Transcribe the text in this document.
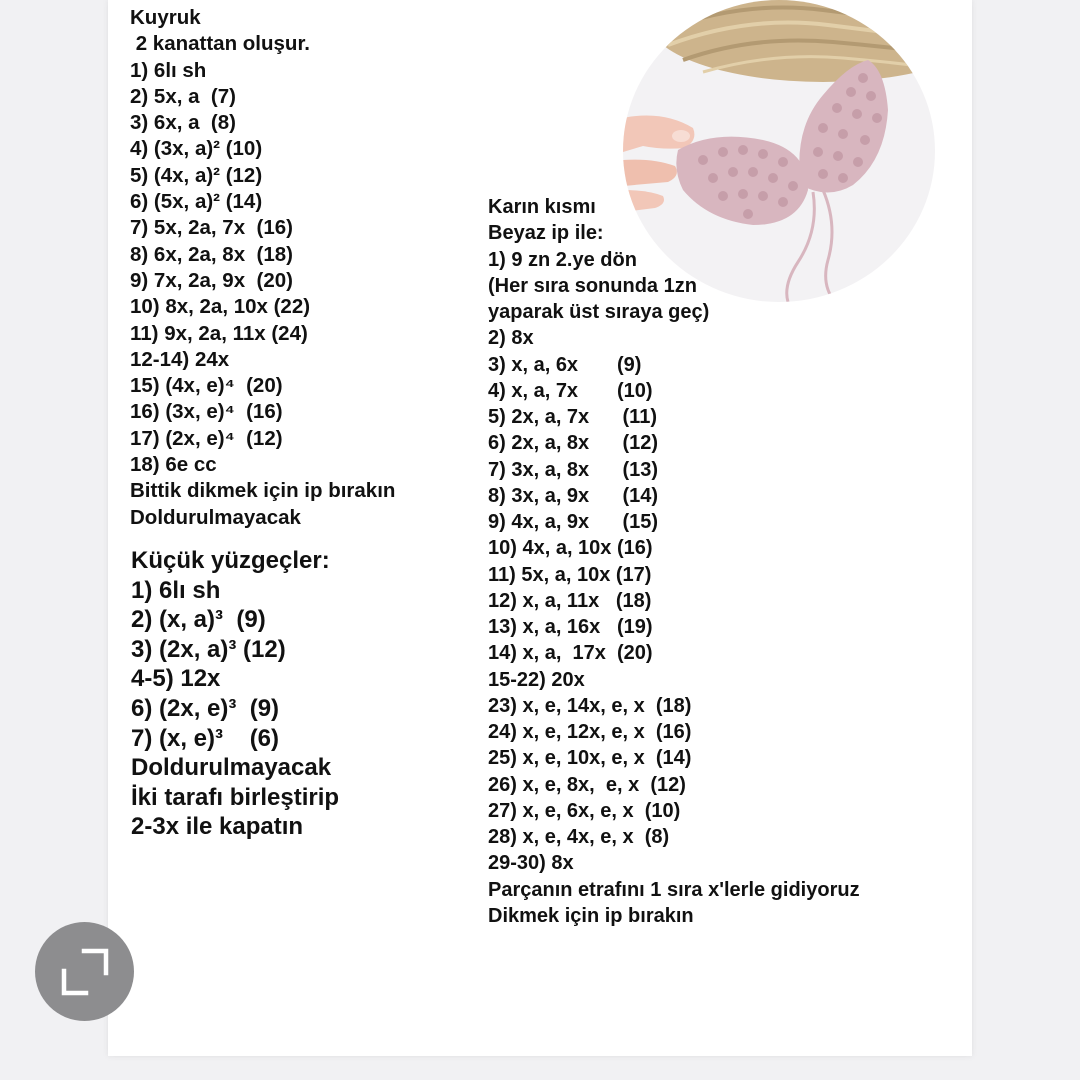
Kuyruk
2 kanattan oluşur.
1) 6lı sh
2) 5x, a  (7)
3) 6x, a  (8)
4) (3x, a)² (10)
5) (4x, a)² (12)
6) (5x, a)² (14)
7) 5x, 2a, 7x  (16)
8) 6x, 2a, 8x  (18)
9) 7x, 2a, 9x  (20)
10) 8x, 2a, 10x (22)
11) 9x, 2a, 11x (24)
12-14) 24x
15) (4x, e)⁴  (20)
16) (3x, e)⁴  (16)
17) (2x, e)⁴  (12)
18) 6e cc
Bittik dikmek için ip bırakın
Doldurulmayacak
Küçük yüzgeçler:
1) 6lı sh
2) (x, a)³  (9)
3) (2x, a)³ (12)
4-5) 12x
6) (2x, e)³  (9)
7) (x, e)³    (6)
Doldurulmayacak
İki tarafı birleştirip
2-3x ile kapatın
Karın kısmı
Beyaz ip ile:
1) 9 zn 2.ye dön
(Her sıra sonunda 1zn
yaparak üst sıraya geç)
2) 8x
3) x, a, 6x       (9)
4) x, a, 7x       (10)
5) 2x, a, 7x      (11)
6) 2x, a, 8x      (12)
7) 3x, a, 8x      (13)
8) 3x, a, 9x      (14)
9) 4x, a, 9x      (15)
10) 4x, a, 10x (16)
11) 5x, a, 10x (17)
12) x, a, 11x   (18)
13) x, a, 16x   (19)
14) x, a,  17x  (20)
15-22) 20x
23) x, e, 14x, e, x  (18)
24) x, e, 12x, e, x  (16)
25) x, e, 10x, e, x  (14)
26) x, e, 8x,  e, x  (12)
27) x, e, 6x, e, x  (10)
28) x, e, 4x, e, x  (8)
29-30) 8x
Parçanın etrafını 1 sıra x'lerle gidiyoruz
Dikmek için ip bırakın
